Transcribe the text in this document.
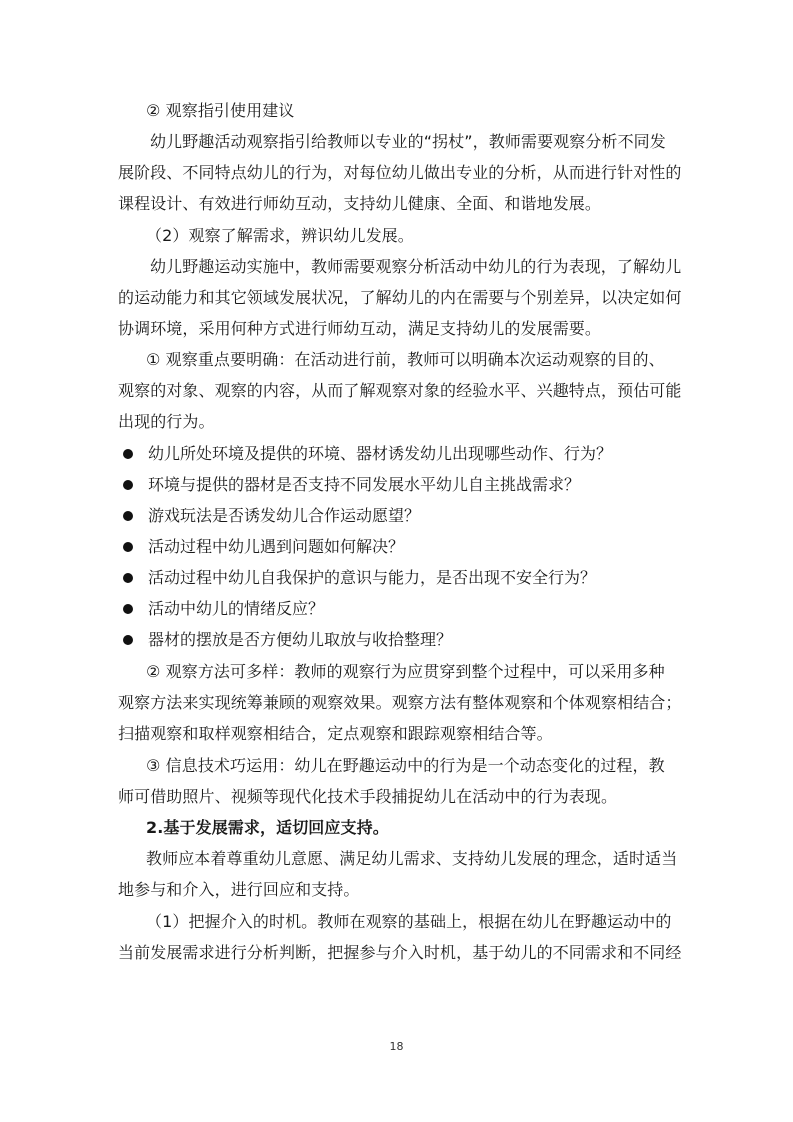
② 观察指引使用建议
幼儿野趣活动观察指引给教师以专业的“拐杖”，教师需要观察分析不同发
展阶段、不同特点幼儿的行为，对每位幼儿做出专业的分析，从而进行针对性的
课程设计、有效进行师幼互动，支持幼儿健康、全面、和谐地发展。
（2）观察了解需求，辨识幼儿发展。
幼儿野趣运动实施中，教师需要观察分析活动中幼儿的行为表现，了解幼儿
的运动能力和其它领域发展状况，了解幼儿的内在需要与个别差异，以决定如何
协调环境，采用何种方式进行师幼互动，满足支持幼儿的发展需要。
① 观察重点要明确：在活动进行前，教师可以明确本次运动观察的目的、
观察的对象、观察的内容，从而了解观察对象的经验水平、兴趣特点，预估可能
出现的行为。
幼儿所处环境及提供的环境、器材诱发幼儿出现哪些动作、行为？
环境与提供的器材是否支持不同发展水平幼儿自主挑战需求？
游戏玩法是否诱发幼儿合作运动愿望？
活动过程中幼儿遇到问题如何解决？
活动过程中幼儿自我保护的意识与能力，是否出现不安全行为？
活动中幼儿的情绪反应？
器材的摆放是否方便幼儿取放与收拾整理？
② 观察方法可多样：教师的观察行为应贯穿到整个过程中，可以采用多种
观察方法来实现统筹兼顾的观察效果。观察方法有整体观察和个体观察相结合；
扫描观察和取样观察相结合，定点观察和跟踪观察相结合等。
③ 信息技术巧运用：幼儿在野趣运动中的行为是一个动态变化的过程，教
师可借助照片、视频等现代化技术手段捕捉幼儿在活动中的行为表现。
2.基于发展需求，适切回应支持。
教师应本着尊重幼儿意愿、满足幼儿需求、支持幼儿发展的理念，适时适当
地参与和介入，进行回应和支持。
（1）把握介入的时机。教师在观察的基础上，根据在幼儿在野趣运动中的
当前发展需求进行分析判断，把握参与介入时机，基于幼儿的不同需求和不同经
18
